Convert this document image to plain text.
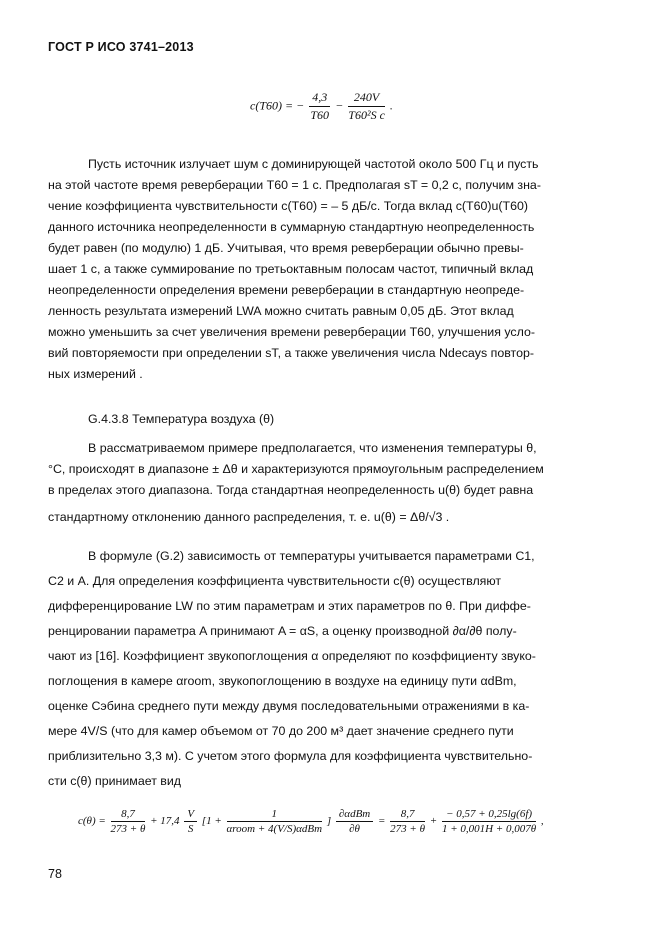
ГОСТ Р ИСО 3741–2013
c(T60) = − $\frac{4,3}{T60} - \frac{240V}{\text{T60²S c}}$ .
Пусть источник излучает шум с доминирующей частотой около 500 Гц и пусть
на этой частоте время реверберации T60 = 1 с. Предполагая sT = 0,2 с, получим зна-
чение коэффициента чувствительности c(T60) = – 5 дБ/с. Тогда вклад c(T60)u(T60)
данного источника неопределенности в суммарную стандартную неопределенность
будет равен (по модулю) 1 дБ. Учитывая, что время реверберации обычно превы-
шает 1 с, а также суммирование по третьоктавным полосам частот, типичный вклад
неопределенности определения времени реверберации в стандартную неопреде-
ленность результата измерений LWA можно считать равным 0,05 дБ. Этот вклад
можно уменьшить за счет увеличения времени реверберации T60, улучшения усло-
вий повторяемости при определении sT, а также увеличения числа Ndecays повтор-
ных измерений .
G.4.3.8 Температура воздуха (θ)
В рассматриваемом примере предполагается, что изменения температуры θ,
°С, происходят в диапазоне ± Δθ и характеризуются прямоугольным распределением
в пределах этого диапазона. Тогда стандартная неопределенность u(θ) будет равна
стандартному отклонению данного распределения, т. е. u(θ) = Δθ/√3 .
В формуле (G.2) зависимость от температуры учитывается параметрами C1,
C2 и A. Для определения коэффициента чувствительности c(θ) осуществляют
дифференцирование LW по этим параметрам и этих параметров по θ. При диффе-
ренцировании параметра A принимают A = αS, а оценку производной ∂α/∂θ полу-
чают из [16]. Коэффициент звукопоглощения α определяют по коэффициенту звуко-
поглощения в камере αroom, звукопоглощению в воздухе на единицу пути αdBm,
оценке Сэбина среднего пути между двумя последовательными отражениями в ка-
мере 4V/S (что для камер объемом от 70 до 200 м³ дает значение среднего пути
приблизительно 3,3 м). С учетом этого формула для коэффициента чувствительно-
сти c(θ) принимает вид
$c(\theta) = \frac{8,7}{273 + \theta} + 17,4 \frac{V}{S} [1 + \frac{1}{\text{αroom + 4(V/S)αdBm}}$ ] $\frac{\text{∂αdBm}}{\partial\theta} = \frac{8,7}{273 + \theta} + \frac{- 0,57 + 0,25\lg(6f)}{1 + 0,001H + 0,007\theta}$ ,
78
